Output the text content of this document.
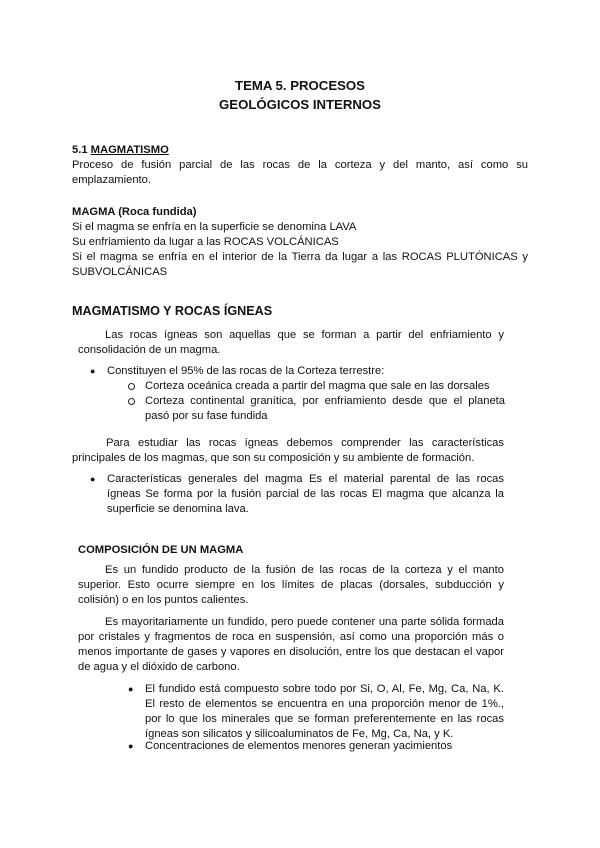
TEMA 5. PROCESOS
GEOLÓGICOS INTERNOS
5.1 MAGMATISMO

Proceso de fusión parcial de las rocas de la corteza y del manto, así como su emplazamiento.

MAGMA (Roca fundida)

Si el magma se enfría en la superficie se denomina LAVA

Su enfriamiento da lugar a las ROCAS VOLCÁNICAS

Si el magma se enfría en el interior de la Tierra da lugar a las ROCAS PLUTÓNICAS y SUBVOLCÁNICAS

MAGMATISMO Y ROCAS ÍGNEAS

Las rocas ígneas son aquellas que se forman a partir del enfriamiento y consolidación de un magma.

● Constituyen el 95% de las rocas de la Corteza terrestre:

Corteza oceánica creada a partir del magma que sale en las dorsales

Corteza continental granítica, por enfriamiento desde que el planeta pasó por su fase fundida

Para estudiar las rocas ígneas debemos comprender las características principales de los magmas, que son su composición y su ambiente de formación.

● Características generales del magma Es el material parental de las rocas ígneas Se forma por la fusión parcial de las rocas El magma que alcanza la superficie se denomina lava.

COMPOSICIÓN DE UN MAGMA

Es un fundido producto de la fusión de las rocas de la corteza y el manto superior. Esto ocurre siempre en los límites de placas (dorsales, subducción y colisión) o en los puntos calientes.

Es mayoritariamente un fundido, pero puede contener una parte sólida formada por cristales y fragmentos de roca en suspensión, así como una proporción más o menos importante de gases y vapores en disolución, entre los que destacan el vapor de agua y el dióxido de carbono.

● El fundido está compuesto sobre todo por Si, O, Al, Fe, Mg, Ca, Na, K. El resto de elementos se encuentra en una proporción menor de 1%., por lo que los minerales que se forman preferentemente en las rocas ígneas son silicatos y silicoaluminatos de Fe, Mg, Ca, Na, y K.

● Concentraciones de elementos menores generan yacimientos
